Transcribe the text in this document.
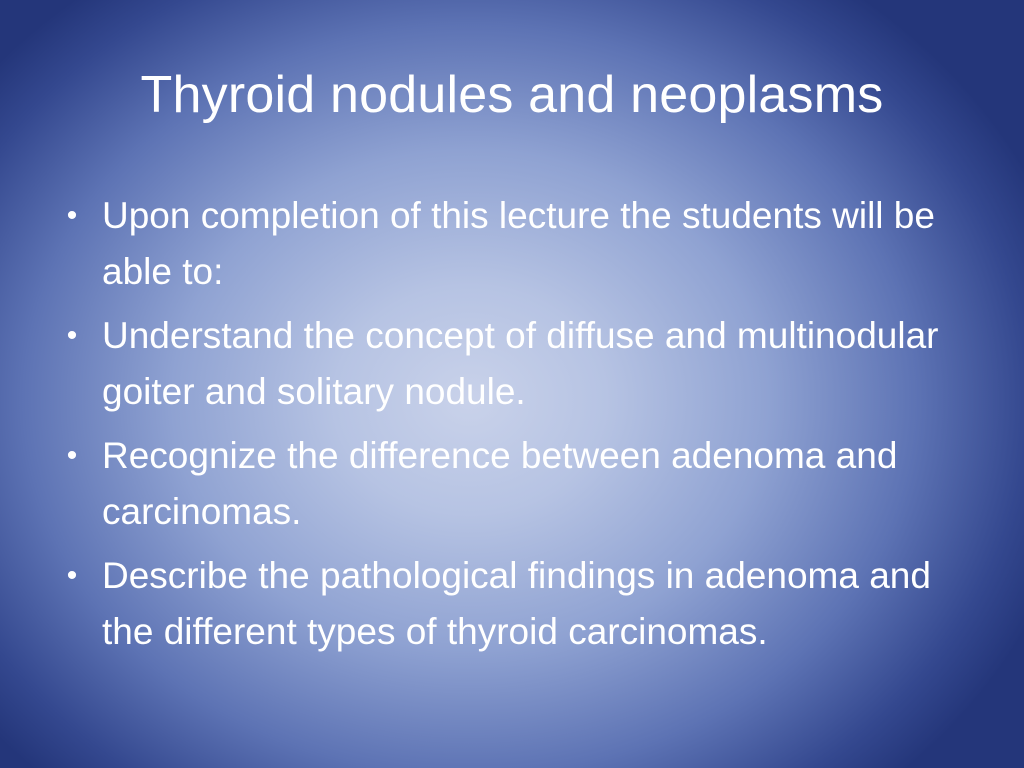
Thyroid nodules and neoplasms
• Upon completion of this lecture the students will be able to:
• Understand the concept of diffuse and multinodular goiter and solitary nodule.
• Recognize the difference between adenoma and carcinomas.
• Describe the pathological findings in adenoma and the different types of thyroid carcinomas.
